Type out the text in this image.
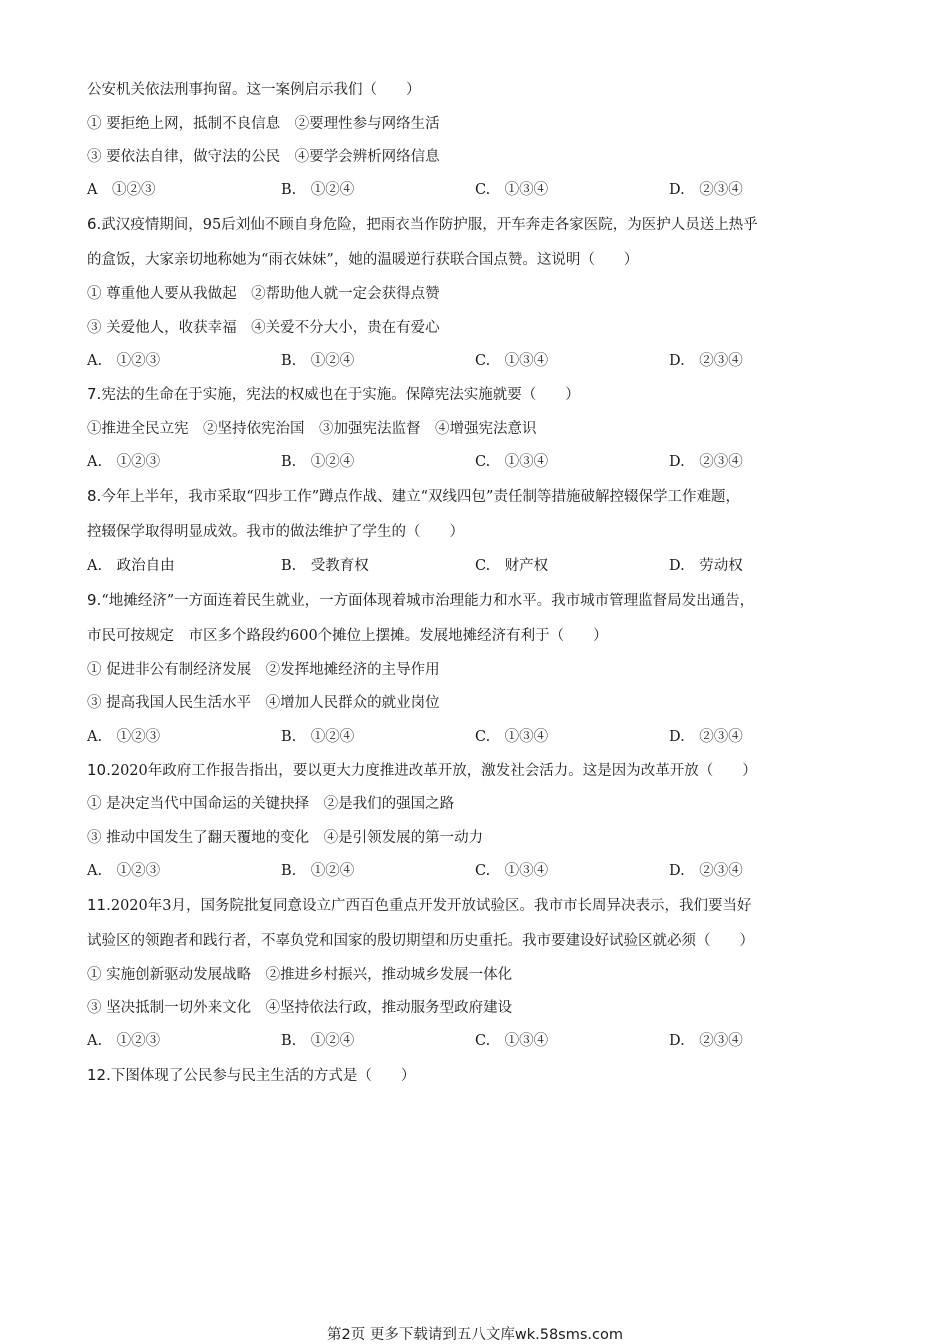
公安机关依法刑事拘留。这一案例启示我们（　　）
① 要拒绝上网，抵制不良信息　②要理性参与网络生活
③ 要依法自律，做守法的公民　④要学会辨析网络信息
A　①②③	B.　①②④	C.　①③④	D.　②③④
6.武汉疫情期间，95后刘仙不顾自身危险，把雨衣当作防护服，开车奔走各家医院，为医护人员送上热乎
的盒饭，大家亲切地称她为“雨衣妹妹”，她的温暖逆行获联合国点赞。这说明（　　）
① 尊重他人要从我做起　②帮助他人就一定会获得点赞
③ 关爱他人，收获幸福　④关爱不分大小，贵在有爱心
A.　①②③	B.　①②④	C.　①③④	D.　②③④
7.宪法的生命在于实施，宪法的权威也在于实施。保障宪法实施就要（　　）
①推进全民立宪　②坚持依宪治国　③加强宪法监督　④增强宪法意识
A.　①②③	B.　①②④	C.　①③④	D.　②③④
8.今年上半年，我市采取“四步工作”蹲点作战、建立“双线四包”责任制等措施破解控辍保学工作难题，
控辍保学取得明显成效。我市的做法维护了学生的（　　）
A.　政治自由	B.　受教育权	C.　财产权	D.　劳动权
9.“地摊经济”一方面连着民生就业，一方面体现着城市治理能力和水平。我市城市管理监督局发出通告，
市民可按规定　市区多个路段约600个摊位上摆摊。发展地摊经济有利于（　　）
① 促进非公有制经济发展　②发挥地摊经济的主导作用
③ 提高我国人民生活水平　④增加人民群众的就业岗位
A.　①②③	B.　①②④	C.　①③④	D.　②③④
10.2020年政府工作报告指出，要以更大力度推进改革开放，激发社会活力。这是因为改革开放（　　）
① 是决定当代中国命运的关键抉择　②是我们的强国之路
③ 推动中国发生了翻天覆地的变化　④是引领发展的第一动力
A.　①②③	B.　①②④	C.　①③④	D.　②③④
11.2020年3月，国务院批复同意设立广西百色重点开发开放试验区。我市市长周异决表示，我们要当好
试验区的领跑者和践行者，不辜负党和国家的殷切期望和历史重托。我市要建设好试验区就必须（　　）
① 实施创新驱动发展战略　②推进乡村振兴，推动城乡发展一体化
③ 坚决抵制一切外来文化　④坚持依法行政，推动服务型政府建设
A.　①②③	B.　①②④	C.　①③④	D.　②③④
12.下图体现了公民参与民主生活的方式是（　　）
第2页 更多下载请到五八文库wk.58sms.com
